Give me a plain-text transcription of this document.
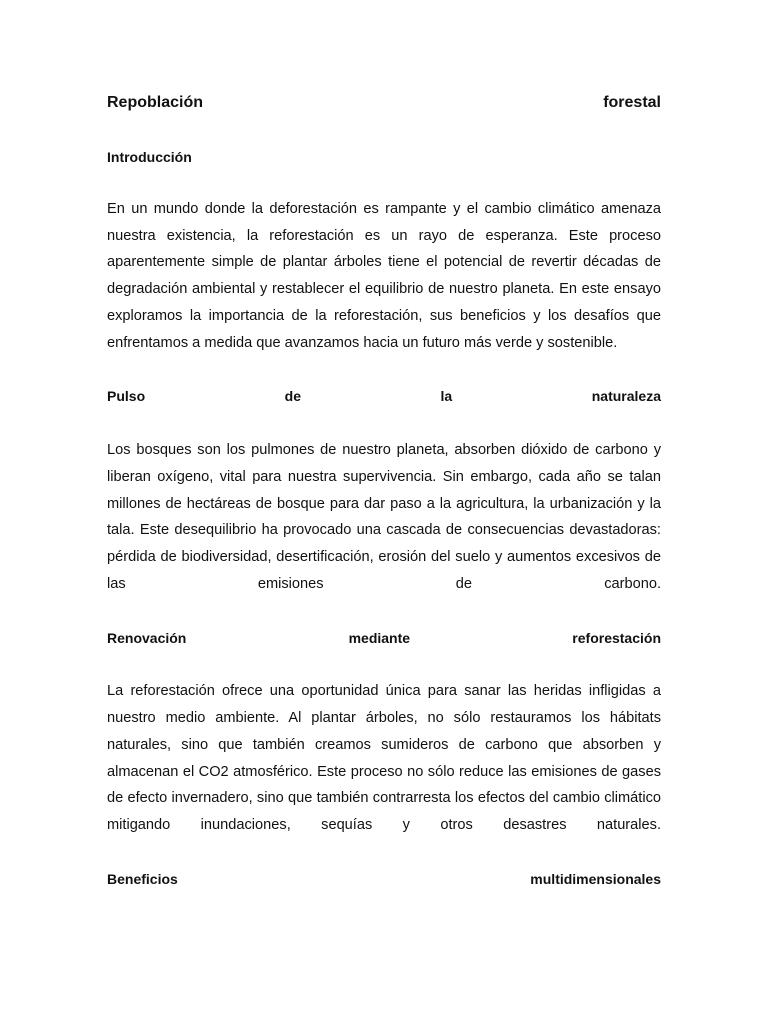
Repoblación forestal
Introducción

En un mundo donde la deforestación es rampante y el cambio climático amenaza nuestra existencia, la reforestación es un rayo de esperanza. Este proceso aparentemente simple de plantar árboles tiene el potencial de revertir décadas de degradación ambiental y restablecer el equilibrio de nuestro planeta. En este ensayo exploramos la importancia de la reforestación, sus beneficios y los desafíos que enfrentamos a medida que avanzamos hacia un futuro más verde y sostenible.

Pulso de la naturaleza

Los bosques son los pulmones de nuestro planeta, absorben dióxido de carbono y liberan oxígeno, vital para nuestra supervivencia. Sin embargo, cada año se talan millones de hectáreas de bosque para dar paso a la agricultura, la urbanización y la tala. Este desequilibrio ha provocado una cascada de consecuencias devastadoras: pérdida de biodiversidad, desertificación, erosión del suelo y aumentos excesivos de las emisiones de carbono.

Renovación mediante reforestación

La reforestación ofrece una oportunidad única para sanar las heridas infligidas a nuestro medio ambiente. Al plantar árboles, no sólo restauramos los hábitats naturales, sino que también creamos sumideros de carbono que absorben y almacenan el CO2 atmosférico. Este proceso no sólo reduce las emisiones de gases de efecto invernadero, sino que también contrarresta los efectos del cambio climático mitigando inundaciones, sequías y otros desastres naturales.

Beneficios multidimensionales
